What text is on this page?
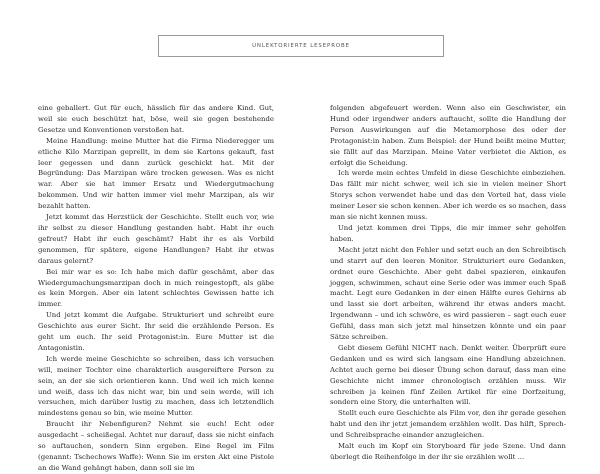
UNLEKTORIERTE LESEPROBE

eine geballert. Gut für euch, hässlich für das andere Kind. Gut, weil sie euch beschützt hat, böse, weil sie gegen bestehende Gesetze und Konventionen verstoßen hat.

Meine Handlung: meine Mutter hat die Firma Niederegger um etliche Kilo Marzipan geprellt, in dem sie Kartons gekauft, fast leer gegessen und dann zurück geschickt hat. Mit der Begründung: Das Marzipan wäre trocken gewesen. Was es nicht war. Aber sie hat immer Ersatz und Wiedergutmachung bekommen. Und wir hatten immer viel mehr Marzipan, als wir bezahlt hatten.

Jetzt kommt das Herzstück der Geschichte. Stellt euch vor, wie ihr selbst zu dieser Handlung gestanden habt. Habt ihr euch gefreut? Habt ihr euch geschämt? Habt ihr es als Vorbild genommen, für spätere, eigene Handlungen? Habt ihr etwas daraus gelernt?

Bei mir war es so: Ich habe mich dafür geschämt, aber das Wiedergumachungsmarzipan doch in mich reingestopft, als gäbe es kein Morgen. Aber ein latent schlechtes Gewissen hatte ich immer.

Und jetzt kommt die Aufgabe. Strukturiert und schreibt eure Geschichte aus eurer Sicht. Ihr seid die erzählende Person. Es geht um euch. Ihr seid Protagonist:in. Eure Mutter ist die Antagonistin.

Ich werde meine Geschichte so schreiben, dass ich versuchen will, meiner Tochter eine charakterlich ausgereiftere Person zu sein, an der sie sich orientieren kann. Und weil ich mich kenne und weiß, dass ich das nicht war, bin und sein werde, will ich versuchen, mich darüber lustig zu machen, dass ich letztendlich mindestens genau so bin, wie meine Mutter.

Braucht ihr Nebenfiguren? Nehmt sie euch! Echt oder ausgedacht – scheißegal. Achtet nur darauf, dass sie nicht einfach so auftauchen, sondern Sinn ergeben. Eine Regel im Film (genannt: Tschechows Waffe): Wenn Sie im ersten Akt eine Pistole an die Wand gehängt haben, dann soll sie im

folgenden abgefeuert werden. Wenn also ein Geschwister, ein Hund oder irgendwer anders auftaucht, sollte die Handlung der Person Auswirkungen auf die Metamorphose des oder der Protagonist:in haben. Zum Beispiel: der Hund beißt meine Mutter, sie fällt auf das Marzipan. Meine Vater verbietet die Aktion, es erfolgt die Scheidung.

Ich werde mein echtes Umfeld in diese Geschichte einbeziehen. Das fällt mir nicht schwer, weil ich sie in vielen meiner Short Storys schon verwendet habe und das den Vorteil hat, dass viele meiner Leser sie schon kennen. Aber ich werde es so machen, dass man sie nicht kennen muss.

Und jetzt kommen drei Tipps, die mir immer sehr geholfen haben.

Macht jetzt nicht den Fehler und setzt euch an den Schreibtisch und starrt auf den leeren Monitor. Strukturiert eure Gedanken, ordnet eure Geschichte. Aber geht dabei spazieren, einkaufen joggen, schwimmen, schaut eine Serie oder was immer euch Spaß macht. Legt eure Gedanken in der einen Hälfte eures Gehirns ab und lasst sie dort arbeiten, während ihr etwas anders macht. Irgendwann – und ich schwöre, es wird passieren – sagt euch euer Gefühl, dass man sich jetzt mal hinsetzen könnte und ein paar Sätze schreiben.

Gebt diesem Gefühl NICHT nach. Denkt weiter. Überprüft eure Gedanken und es wird sich langsam eine Handlung abzeichnen. Achtet auch gerne bei dieser Übung schon darauf, dass man eine Geschichte nicht immer chronologisch erzählen muss. Wir schreiben ja keinen fünf Zeilen Artikel für eine Dorfzeitung, sondern eine Story, die unterhalten will.

Stellt euch eure Geschichte als Film vor, den ihr gerade gesehen habt und den ihr jetzt jemandem erzählen wollt. Das hilft, Sprech- und Schreibsprache einander anzugleichen.

Malt euch im Kopf ein Storyboard für jede Szene. Und dann überlegt die Reihenfolge in der ihr sie erzählen wollt ...
